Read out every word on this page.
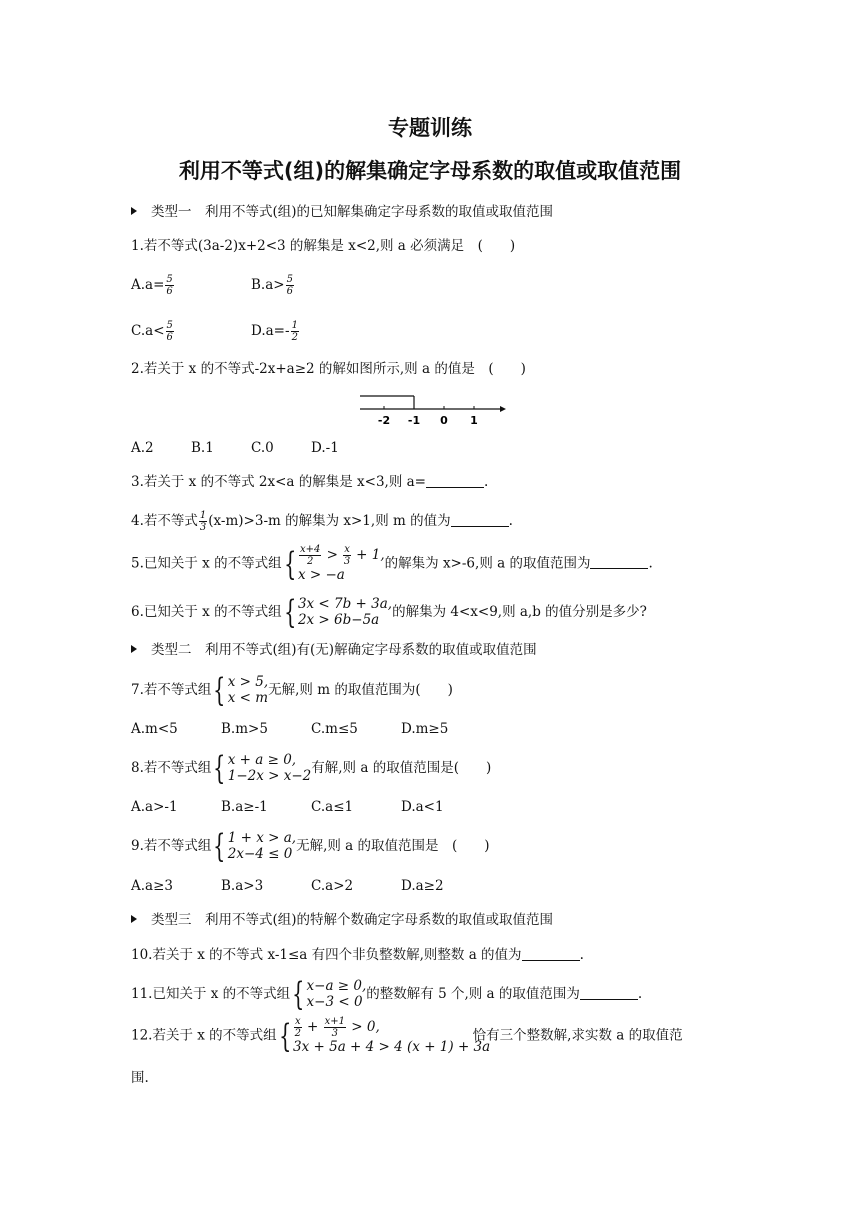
专题训练
利用不等式(组)的解集确定字母系数的取值或取值范围
类型一　利用不等式(组)的已知解集确定字母系数的取值或取值范围
1.若不等式(3a-2)x+2<3 的解集是 x<2,则 a 必须满足　(　　)
$A.a= \frac{5}{6}$	$B.a> \frac{5}{6}$
$C.a< \frac{5}{6}$	$D.a=- \frac{1}{2}$
2.若关于 x 的不等式-2x+a≥2 的解如图所示,则 a 的值是　(　　)
-2 -1 0 1
A.2	B.1	C.0	D.-1
3.若关于 x 的不等式 2x<a 的解集是 x<3,则 a=	.
4.若不等式 $\frac{1}{3} (x-m)>3-m$ 的解集为 x>1,则 m 的值为	.
5.已知关于 x 的不等式组 { $\frac{x+4}{2} > \frac{x}{3} + 1$,
x > −a
的解集为 x>-6,则 a 的取值范围为	.
6.已知关于 x 的不等式组 { 3x < 7b + 3a,
2x > 6b−5a 的解集为 4<x<9,则 a,b 的值分别是多少?
类型二　利用不等式(组)有(无)解确定字母系数的取值或取值范围
7.若不等式组 { x > 5,
x < m 无解,则 m 的取值范围为(　　)
A.m<5	B.m>5	C.m≤5	D.m≥5
8.若不等式组 { x + a ≥ 0,
1−2x > x−2 有解,则 a 的取值范围是(　　)
A.a>-1	B.a≥-1	C.a≤1	D.a<1
9.若不等式组 { 1 + x > a,
2x−4 ≤ 0 无解,则 a 的取值范围是　(　　)
A.a≥3	B.a>3	C.a>2	D.a≥2
类型三　利用不等式(组)的特解个数确定字母系数的取值或取值范围
10.若关于 x 的不等式 x-1≤a 有四个非负整数解,则整数 a 的值为	.
11.已知关于 x 的不等式组 { x−a ≥ 0,
x−3 < 0 的整数解有 5 个,则 a 的取值范围为	.
12.若关于 x 的不等式组 { $\frac{x}{2} + \frac{x+1}{3} > 0$,
3x + 5a + 4 > 4 (x + 1) + 3a
恰有三个整数解,求实数 a 的取值范
围.
